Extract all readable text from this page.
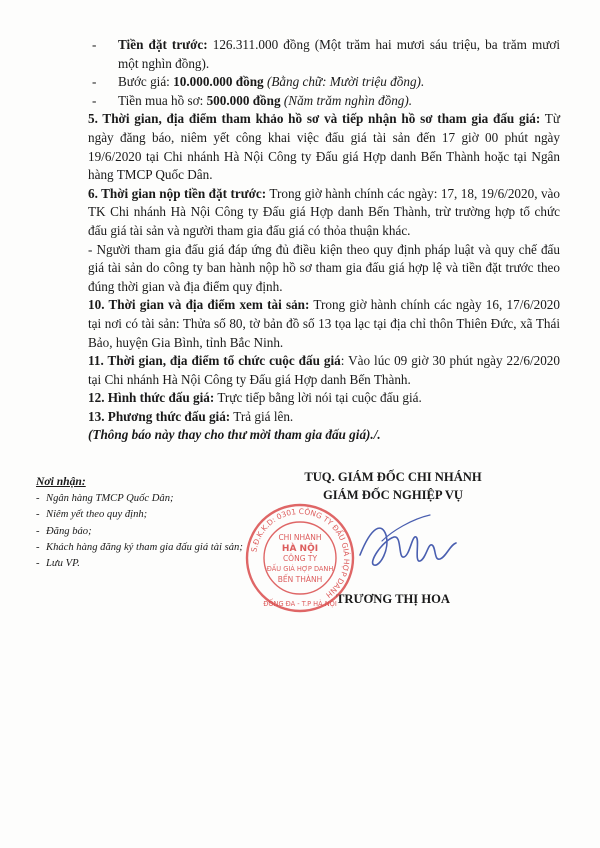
- Tiền đặt trước: 126.311.000 đồng (Một trăm hai mươi sáu triệu, ba trăm mươi một nghìn đồng).

- Bước giá: 10.000.000 đồng (Bằng chữ: Mười triệu đồng).

- Tiền mua hồ sơ: 500.000 đồng (Năm trăm nghìn đồng).

5. Thời gian, địa điểm tham khảo hồ sơ và tiếp nhận hồ sơ tham gia đấu giá: Từ ngày đăng báo, niêm yết công khai việc đấu giá tài sản đến 17 giờ 00 phút ngày 19/6/2020 tại Chi nhánh Hà Nội Công ty Đấu giá Hợp danh Bến Thành hoặc tại Ngân hàng TMCP Quốc Dân.

6. Thời gian nộp tiền đặt trước: Trong giờ hành chính các ngày: 17, 18, 19/6/2020, vào TK Chi nhánh Hà Nội Công ty Đấu giá Hợp danh Bến Thành, trừ trường hợp tổ chức đấu giá tài sản và người tham gia đấu giá có thỏa thuận khác.

- Người tham gia đấu giá đáp ứng đủ điều kiện theo quy định pháp luật và quy chế đấu giá tài sản do công ty ban hành nộp hồ sơ tham gia đấu giá hợp lệ và tiền đặt trước theo đúng thời gian và địa điểm quy định.

10. Thời gian và địa điểm xem tài sản: Trong giờ hành chính các ngày 16, 17/6/2020 tại nơi có tài sản: Thửa số 80, tờ bản đồ số 13 tọa lạc tại địa chỉ thôn Thiên Đức, xã Thái Bảo, huyện Gia Bình, tỉnh Bắc Ninh.

11. Thời gian, địa điểm tổ chức cuộc đấu giá: Vào lúc 09 giờ 30 phút ngày 22/6/2020 tại Chi nhánh Hà Nội Công ty Đấu giá Hợp danh Bến Thành.

12. Hình thức đấu giá: Trực tiếp bằng lời nói tại cuộc đấu giá.

13. Phương thức đấu giá: Trả giá lên.

(Thông báo này thay cho thư mời tham gia đấu giá)./.

Nơi nhận:
- Ngân hàng TMCP Quốc Dân;
- Niêm yết theo quy định;
- Đăng báo;
- Khách hàng đăng ký tham gia đấu giá tài sản;
- Lưu VP.
TUQ. GIÁM ĐỐC CHI NHÁNH
GIÁM ĐỐC NGHIỆP VỤ
TRƯƠNG THỊ HOA
S.Đ.K.K.D: 0301 CÔNG TY ĐẤU GIÁ HỢP DANH
CHI NHÁNH
HÀ NỘI
CÔNG TY
ĐẤU GIÁ HỢP DANH
BẾN THÀNH
ĐỐNG ĐA - T.P HÀ NỘI
